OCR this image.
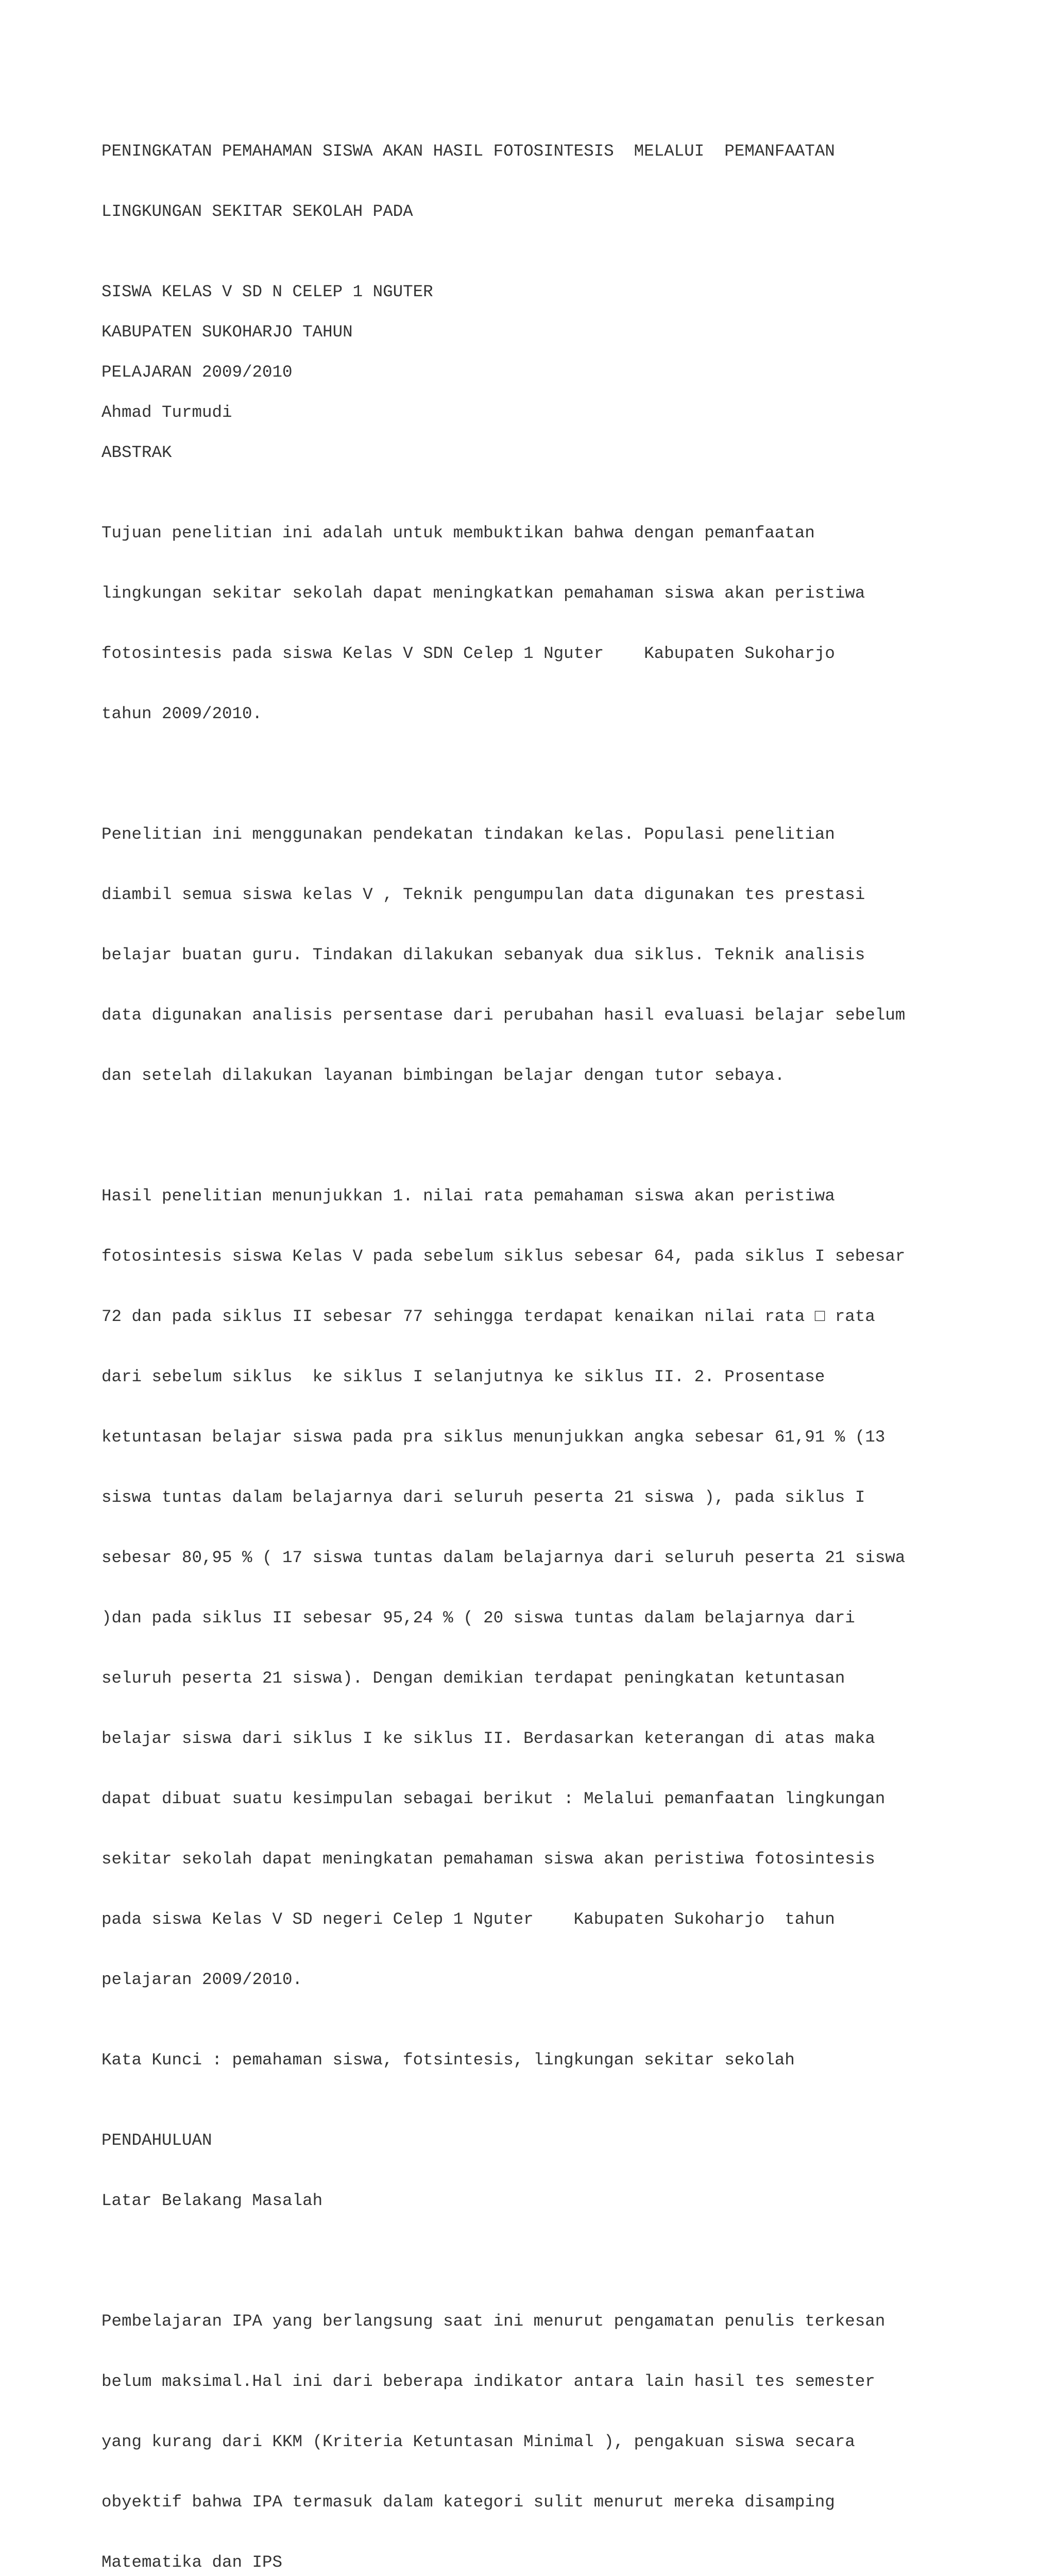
PENINGKATAN PEMAHAMAN SISWA AKAN HASIL FOTOSINTESIS  MELALUI  PEMANFAATAN

LINGKUNGAN SEKITAR SEKOLAH PADA

SISWA KELAS V SD N CELEP 1 NGUTER
KABUPATEN SUKOHARJO TAHUN
PELAJARAN 2009/2010
Ahmad Turmudi
ABSTRAK

Tujuan penelitian ini adalah untuk membuktikan bahwa dengan pemanfaatan

lingkungan sekitar sekolah dapat meningkatkan pemahaman siswa akan peristiwa

fotosintesis pada siswa Kelas V SDN Celep 1 Nguter    Kabupaten Sukoharjo

tahun 2009/2010.

Penelitian ini menggunakan pendekatan tindakan kelas. Populasi penelitian

diambil semua siswa kelas V , Teknik pengumpulan data digunakan tes prestasi

belajar buatan guru. Tindakan dilakukan sebanyak dua siklus. Teknik analisis

data digunakan analisis persentase dari perubahan hasil evaluasi belajar sebelum

dan setelah dilakukan layanan bimbingan belajar dengan tutor sebaya.

Hasil penelitian menunjukkan 1. nilai rata pemahaman siswa akan peristiwa

fotosintesis siswa Kelas V pada sebelum siklus sebesar 64, pada siklus I sebesar

72 dan pada siklus II sebesar 77 sehingga terdapat kenaikan nilai rata □ rata

dari sebelum siklus  ke siklus I selanjutnya ke siklus II. 2. Prosentase

ketuntasan belajar siswa pada pra siklus menunjukkan angka sebesar 61,91 % (13

siswa tuntas dalam belajarnya dari seluruh peserta 21 siswa ), pada siklus I

sebesar 80,95 % ( 17 siswa tuntas dalam belajarnya dari seluruh peserta 21 siswa

)dan pada siklus II sebesar 95,24 % ( 20 siswa tuntas dalam belajarnya dari

seluruh peserta 21 siswa). Dengan demikian terdapat peningkatan ketuntasan

belajar siswa dari siklus I ke siklus II. Berdasarkan keterangan di atas maka

dapat dibuat suatu kesimpulan sebagai berikut : Melalui pemanfaatan lingkungan

sekitar sekolah dapat meningkatan pemahaman siswa akan peristiwa fotosintesis

pada siswa Kelas V SD negeri Celep 1 Nguter    Kabupaten Sukoharjo  tahun

pelajaran 2009/2010.

Kata Kunci : pemahaman siswa, fotsintesis, lingkungan sekitar sekolah

PENDAHULUAN

Latar Belakang Masalah

Pembelajaran IPA yang berlangsung saat ini menurut pengamatan penulis terkesan

belum maksimal.Hal ini dari beberapa indikator antara lain hasil tes semester

yang kurang dari KKM (Kriteria Ketuntasan Minimal ), pengakuan siswa secara

obyektif bahwa IPA termasuk dalam kategori sulit menurut mereka disamping

Matematika dan IPS
